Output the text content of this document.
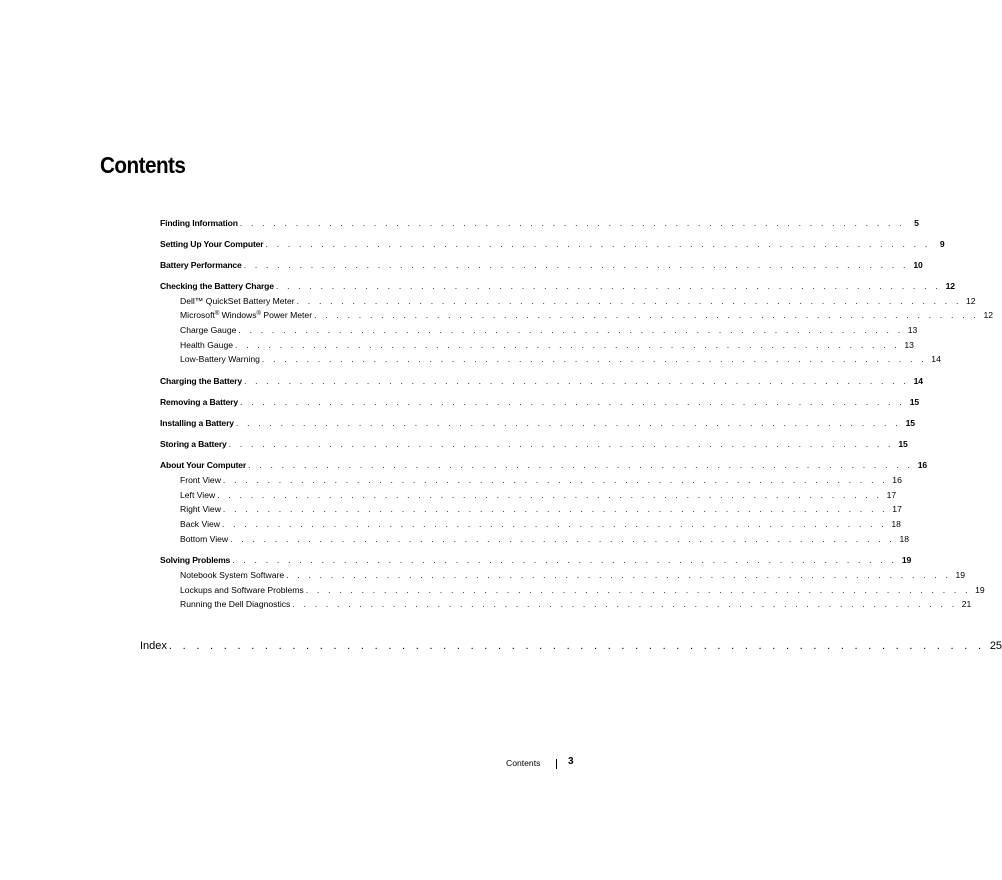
Contents
Finding Information . . . . . . . . . . . . . . . . . . . . . . . . . . . . . . . . . . . . . . . . . . . . . . . . . . . . . . . . . . . .	5
Setting Up Your Computer . . . . . . . . . . . . . . . . . . . . . . . . . . . . . . . . . . . . . . . . . . . . . . . . . . . . . . . . . . . .	9
Battery Performance . . . . . . . . . . . . . . . . . . . . . . . . . . . . . . . . . . . . . . . . . . . . . . . . . . . . . . . . . . . . 10
Checking the Battery Charge . . . . . . . . . . . . . . . . . . . . . . . . . . . . . . . . . . . . . . . . . . . . . . . . . . . . . . . . . . . . 12
Dell™ QuickSet Battery Meter . . . . . . . . . . . . . . . . . . . . . . . . . . . . . . . . . . . . . . . . . . . . . . . . . . . . . . . . . . . . 12
Microsoft® Windows® Power Meter . . . . . . . . . . . . . . . . . . . . . . . . . . . . . . . . . . . . . . . . . . . . . . . . . . . . . . . . . . . . 12
Charge Gauge . . . . . . . . . . . . . . . . . . . . . . . . . . . . . . . . . . . . . . . . . . . . . . . . . . . . . . . . . . . . 13
Health Gauge . . . . . . . . . . . . . . . . . . . . . . . . . . . . . . . . . . . . . . . . . . . . . . . . . . . . . . . . . . . . 13
Low-Battery Warning . . . . . . . . . . . . . . . . . . . . . . . . . . . . . . . . . . . . . . . . . . . . . . . . . . . . . . . . . . . . 14
Charging the Battery . . . . . . . . . . . . . . . . . . . . . . . . . . . . . . . . . . . . . . . . . . . . . . . . . . . . . . . . . . . . 14
Removing a Battery . . . . . . . . . . . . . . . . . . . . . . . . . . . . . . . . . . . . . . . . . . . . . . . . . . . . . . . . . . . . 15
Installing a Battery . . . . . . . . . . . . . . . . . . . . . . . . . . . . . . . . . . . . . . . . . . . . . . . . . . . . . . . . . . . . 15
Storing a Battery . . . . . . . . . . . . . . . . . . . . . . . . . . . . . . . . . . . . . . . . . . . . . . . . . . . . . . . . . . . . 15
About Your Computer . . . . . . . . . . . . . . . . . . . . . . . . . . . . . . . . . . . . . . . . . . . . . . . . . . . . . . . . . . . . 16
Front View . . . . . . . . . . . . . . . . . . . . . . . . . . . . . . . . . . . . . . . . . . . . . . . . . . . . . . . . . . . . 16
Left View . . . . . . . . . . . . . . . . . . . . . . . . . . . . . . . . . . . . . . . . . . . . . . . . . . . . . . . . . . . . 17
Right View . . . . . . . . . . . . . . . . . . . . . . . . . . . . . . . . . . . . . . . . . . . . . . . . . . . . . . . . . . . . 17
Back View . . . . . . . . . . . . . . . . . . . . . . . . . . . . . . . . . . . . . . . . . . . . . . . . . . . . . . . . . . . . 18
Bottom View . . . . . . . . . . . . . . . . . . . . . . . . . . . . . . . . . . . . . . . . . . . . . . . . . . . . . . . . . . . . 18
Solving Problems . . . . . . . . . . . . . . . . . . . . . . . . . . . . . . . . . . . . . . . . . . . . . . . . . . . . . . . . . . . . 19
Notebook System Software . . . . . . . . . . . . . . . . . . . . . . . . . . . . . . . . . . . . . . . . . . . . . . . . . . . . . . . . . . . . 19
Lockups and Software Problems . . . . . . . . . . . . . . . . . . . . . . . . . . . . . . . . . . . . . . . . . . . . . . . . . . . . . . . . . . . . 19
Running the Dell Diagnostics . . . . . . . . . . . . . . . . . . . . . . . . . . . . . . . . . . . . . . . . . . . . . . . . . . . . . . . . . . . . 21
Index . . . . . . . . . . . . . . . . . . . . . . . . . . . . . . . . . . . . . . . . . . . . . . . . . . . . . . . . . . . . 25
Contents	3
